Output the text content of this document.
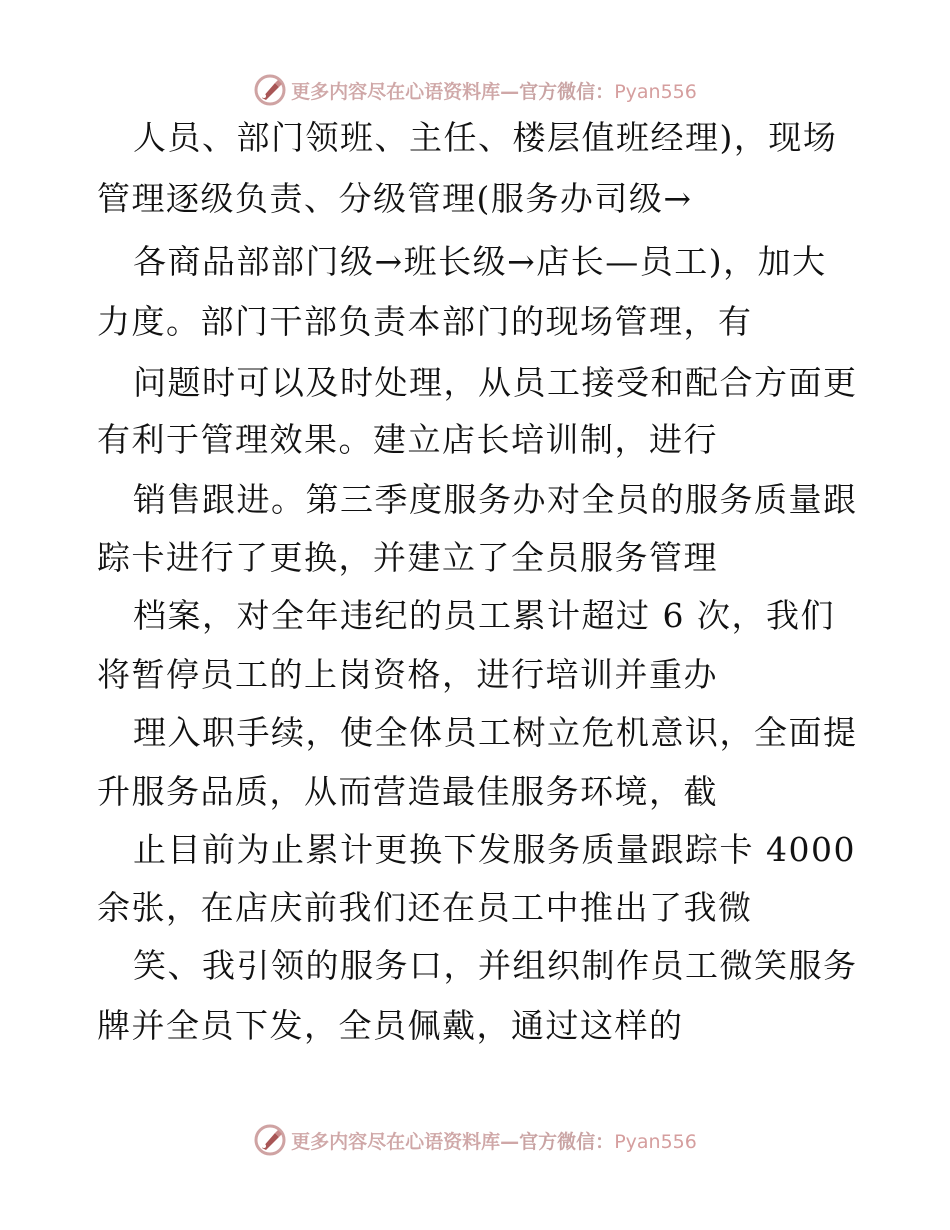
更多内容尽在心语资料库—官方微信：Pyan556
人员、部门领班、主任、楼层值班经理)，现场
管理逐级负责、分级管理(服务办司级→
各商品部部门级→班长级→店长—员工)，加大
力度。部门干部负责本部门的现场管理，有
问题时可以及时处理，从员工接受和配合方面更
有利于管理效果。建立店长培训制，进行
销售跟进。第三季度服务办对全员的服务质量跟
踪卡进行了更换，并建立了全员服务管理
档案，对全年违纪的员工累计超过 6 次，我们
将暂停员工的上岗资格，进行培训并重办
理入职手续，使全体员工树立危机意识，全面提
升服务品质，从而营造最佳服务环境，截
止目前为止累计更换下发服务质量跟踪卡 4000
余张，在店庆前我们还在员工中推出了我微
笑、我引领的服务口，并组织制作员工微笑服务
牌并全员下发，全员佩戴，通过这样的
更多内容尽在心语资料库—官方微信：Pyan556
